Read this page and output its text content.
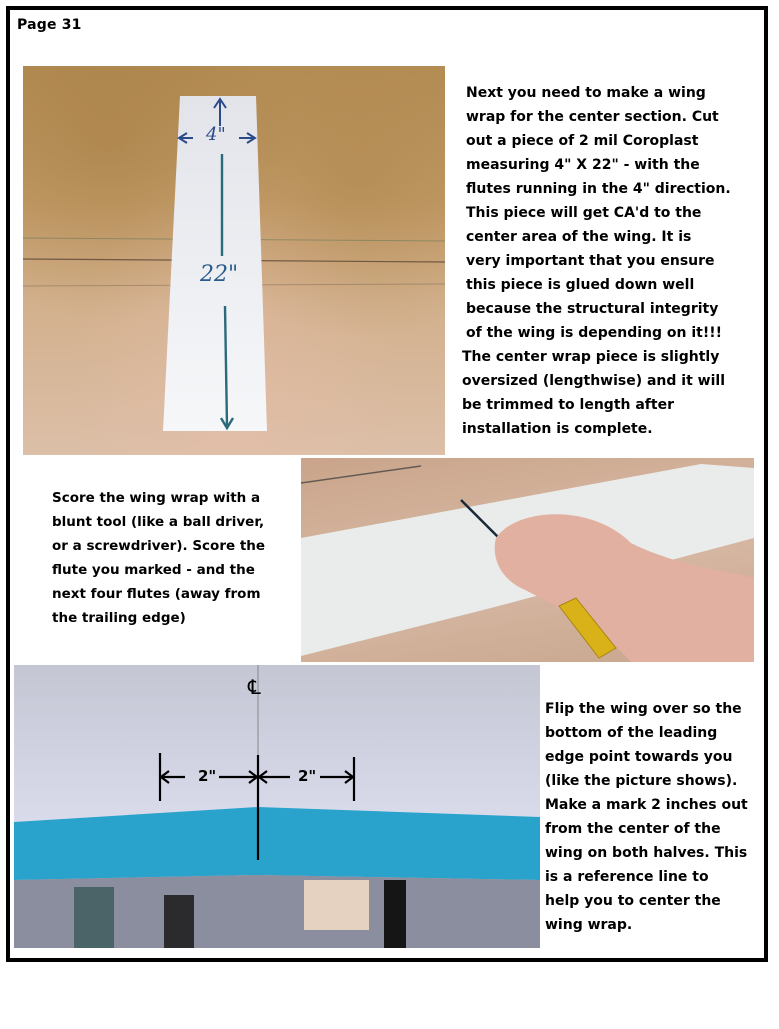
Page 31
4"
22"
Next you need to make a wing
wrap for the center section. Cut
out a piece of 2 mil Coroplast
measuring 4" X 22" - with the
flutes running in the 4" direction.
This piece will get CA'd to the
center area of the wing. It is
very important that you ensure
this piece is glued down well
because the structural integrity
of the wing is depending on it!!!
The center wrap piece is slightly
oversized (lengthwise) and it will
be trimmed to length after
installation is complete.
Score the wing wrap with a
blunt tool (like a ball driver,
or a screwdriver). Score the
flute you marked - and the
next four flutes (away from
the trailing edge)
℄
2"	2"
Flip the wing over so the
bottom of the leading
edge point towards you
(like the picture shows).
Make a mark 2 inches out
from the center of the
wing on both halves. This
is a reference line to
help you to center the
wing wrap.
